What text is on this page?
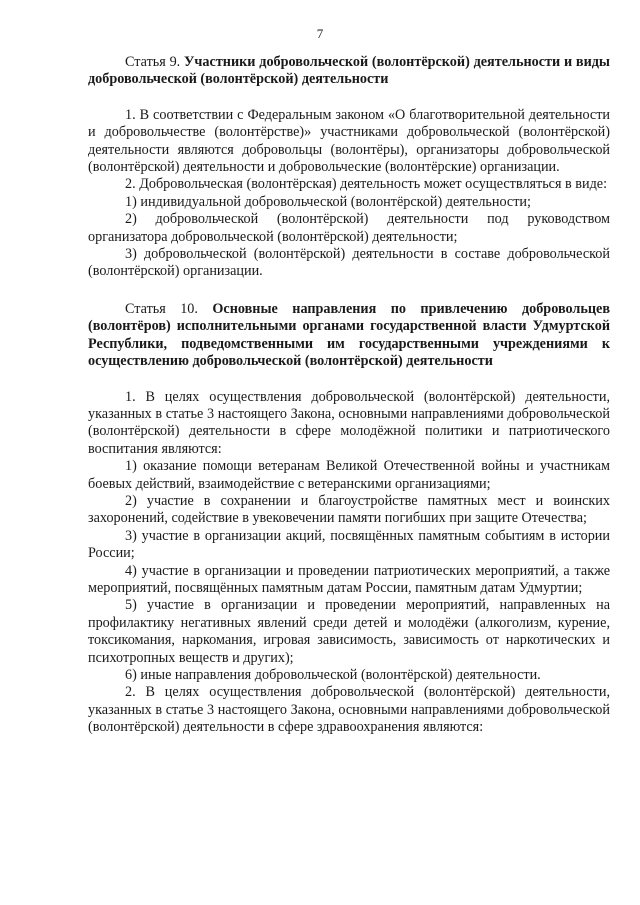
7

Статья 9. Участники добровольческой (волонтёрской) деятельности и виды добровольческой (волонтёрской) деятельности

1. В соответствии с Федеральным законом «О благотворительной деятельности и добровольчестве (волонтёрстве)» участниками добровольческой (волонтёрской) деятельности являются добровольцы (волонтёры), организаторы добровольческой (волонтёрской) деятельности и добровольческие (волонтёрские) организации.

2. Добровольческая (волонтёрская) деятельность может осуществляться в виде:

1) индивидуальной добровольческой (волонтёрской) деятельности;

2) добровольческой (волонтёрской) деятельности под руководством организатора добровольческой (волонтёрской) деятельности;

3) добровольческой (волонтёрской) деятельности в составе добровольческой (волонтёрской) организации.

Статья 10. Основные направления по привлечению добровольцев (волонтёров) исполнительными органами государственной власти Удмуртской Республики, подведомственными им государственными учреждениями к осуществлению добровольческой (волонтёрской) деятельности

1. В целях осуществления добровольческой (волонтёрской) деятельности, указанных в статье 3 настоящего Закона, основными направлениями добровольческой (волонтёрской) деятельности в сфере молодёжной политики и патриотического воспитания являются:

1) оказание помощи ветеранам Великой Отечественной войны и участникам боевых действий, взаимодействие с ветеранскими организациями;

2) участие в сохранении и благоустройстве памятных мест и воинских захоронений, содействие в увековечении памяти погибших при защите Отечества;

3) участие в организации акций, посвящённых памятным событиям в истории России;

4) участие в организации и проведении патриотических мероприятий, а также мероприятий, посвящённых памятным датам России, памятным датам Удмуртии;

5) участие в организации и проведении мероприятий, направленных на профилактику негативных явлений среди детей и молодёжи (алкоголизм, курение, токсикомания, наркомания, игровая зависимость, зависимость от наркотических и психотропных веществ и других);

6) иные направления добровольческой (волонтёрской) деятельности.

2. В целях осуществления добровольческой (волонтёрской) деятельности, указанных в статье 3 настоящего Закона, основными направлениями добровольческой (волонтёрской) деятельности в сфере здравоохранения являются:
